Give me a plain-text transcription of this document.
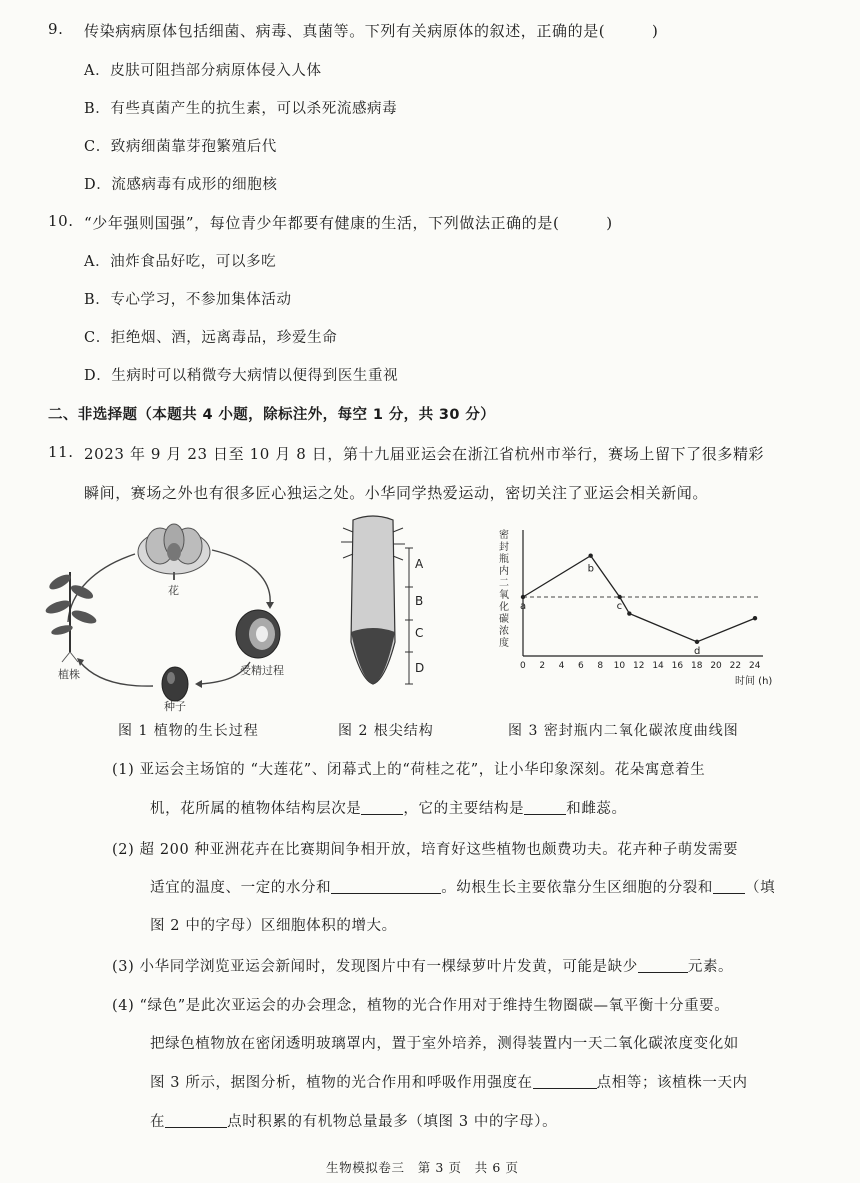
9. 传染病病原体包括细菌、病毒、真菌等。下列有关病原体的叙述，正确的是(　　　)
A．皮肤可阻挡部分病原体侵入人体
B．有些真菌产生的抗生素，可以杀死流感病毒
C．致病细菌靠芽孢繁殖后代
D．流感病毒有成形的细胞核
10. “少年强则国强”，每位青少年都要有健康的生活，下列做法正确的是(　　　)
A．油炸食品好吃，可以多吃
B．专心学习，不参加集体活动
C．拒绝烟、酒，远离毒品，珍爱生命
D．生病时可以稍微夸大病情以便得到医生重视
二、非选择题（本题共 4 小题，除标注外，每空 1 分，共 30 分）
11. 2023 年 9 月 23 日至 10 月 8 日，第十九届亚运会在浙江省杭州市举行，赛场上留下了很多精彩
瞬间，赛场之外也有很多匠心独运之处。小华同学热爱运动，密切关注了亚运会相关新闻。
花
受精过程
种子
植株
A
B
C
D
密
封
瓶
内
二
氧
化
碳
浓
度
0 2 4 6 8 10 12 14 16 18 20 22 24
a
b
c
d
时间 (h)
图 1 植物的生长过程	图 2 根尖结构	图 3 密封瓶内二氧化碳浓度曲线图
(1) 亚运会主场馆的 “大莲花”、闭幕式上的“荷桂之花”，让小华印象深刻。花朵寓意着生
机，花所属的植物体结构层次是	，它的主要结构是	和雌蕊。
(2) 超 200 种亚洲花卉在比赛期间争相开放，培育好这些植物也颇费功夫。花卉种子萌发需要
适宜的温度、一定的水分和	。幼根生长主要依靠分生区细胞的分裂和 （填
图 2 中的字母）区细胞体积的增大。
(3) 小华同学浏览亚运会新闻时，发现图片中有一棵绿萝叶片发黄，可能是缺少	元素。
(4) “绿色”是此次亚运会的办会理念，植物的光合作用对于维持生物圈碳—氧平衡十分重要。
把绿色植物放在密闭透明玻璃罩内，置于室外培养，测得装置内一天二氧化碳浓度变化如
图 3 所示，据图分析，植物的光合作用和呼吸作用强度在	点相等；该植株一天内
在	点时积累的有机物总量最多（填图 3 中的字母）。
生物模拟卷三　第 3 页　共 6 页
